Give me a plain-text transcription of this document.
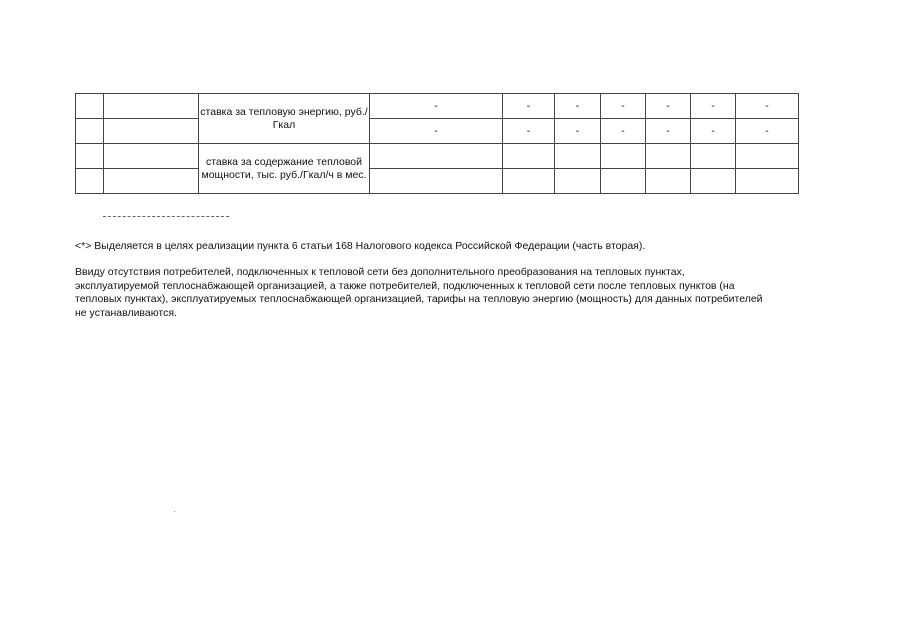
		ставка за тепловую энергию, руб./Гкал	-	-	-	-	-	-	-
			-	-	-	-	-	-	-
		ставка за содержание тепловой мощности, тыс. руб./Гкал/ч в мес.							

<*> Выделяется в целях реализации пункта 6 статьи 168 Налогового кодекса Российской Федерации (часть вторая).
Ввиду отсутствия потребителей, подключенных к тепловой сети без дополнительного преобразования на тепловых пунктах,
эксплуатируемой теплоснабжающей организацией, а также потребителей, подключенных к тепловой сети после тепловых пунктов (на
тепловых пунктах), эксплуатируемых теплоснабжающей организацией, тарифы на тепловую энергию (мощность) для данных потребителей
не устанавливаются.
